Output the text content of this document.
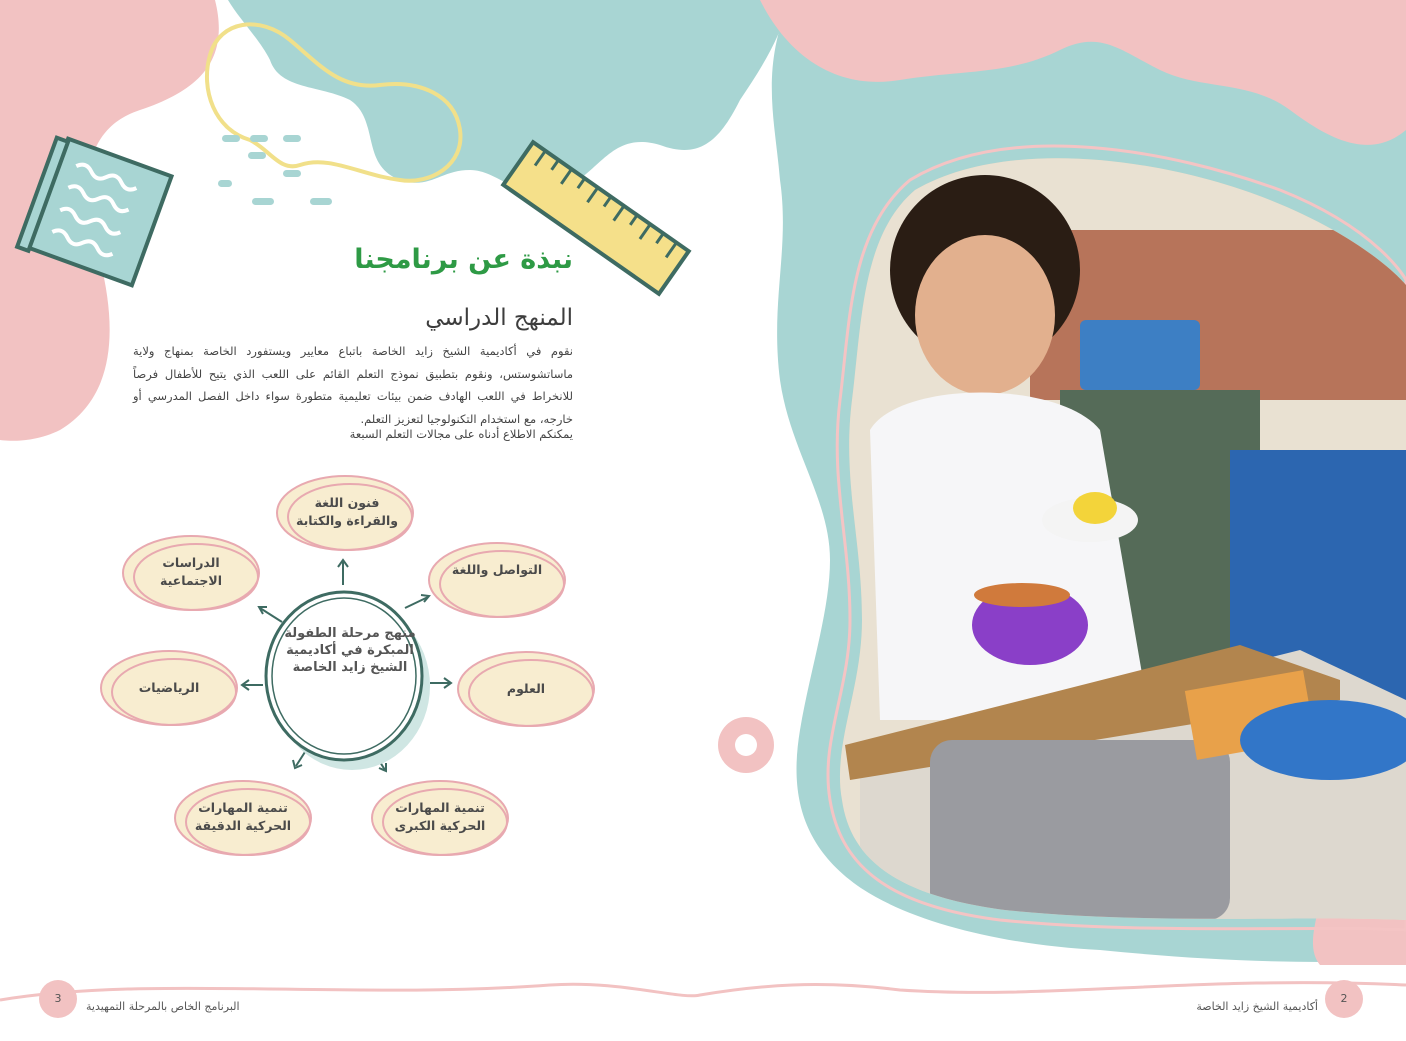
نبذة عن برنامجنا
المنهج الدراسي
نقوم في أكاديمية الشيخ زايد الخاصة باتباع معايير ويستفورد الخاصة بمنهاج ولاية ماساتشوستس، ونقوم بتطبيق نموذج التعلم القائم على اللعب الذي يتيح للأطفال فرصاً للانخراط في اللعب الهادف ضمن بيئات تعليمية متطورة سواء داخل الفصل المدرسي أو خارجه، مع استخدام التكنولوجيا لتعزيز التعلم.
يمكنكم الاطلاع أدناه على مجالات التعلم السبعة
منهج مرحلة الطفولة المبكرة في أكاديمية الشيخ زايد الخاصة
فنون اللغة والقراءة والكتابة
التواصل واللغة
العلوم
تنمية المهارات الحركية الكبرى
تنمية المهارات الحركية الدقيقة
الرياضيات
الدراسات الاجتماعية
3
البرنامج الخاص بالمرحلة التمهيدية
2
أكاديمية الشيخ زايد الخاصة
